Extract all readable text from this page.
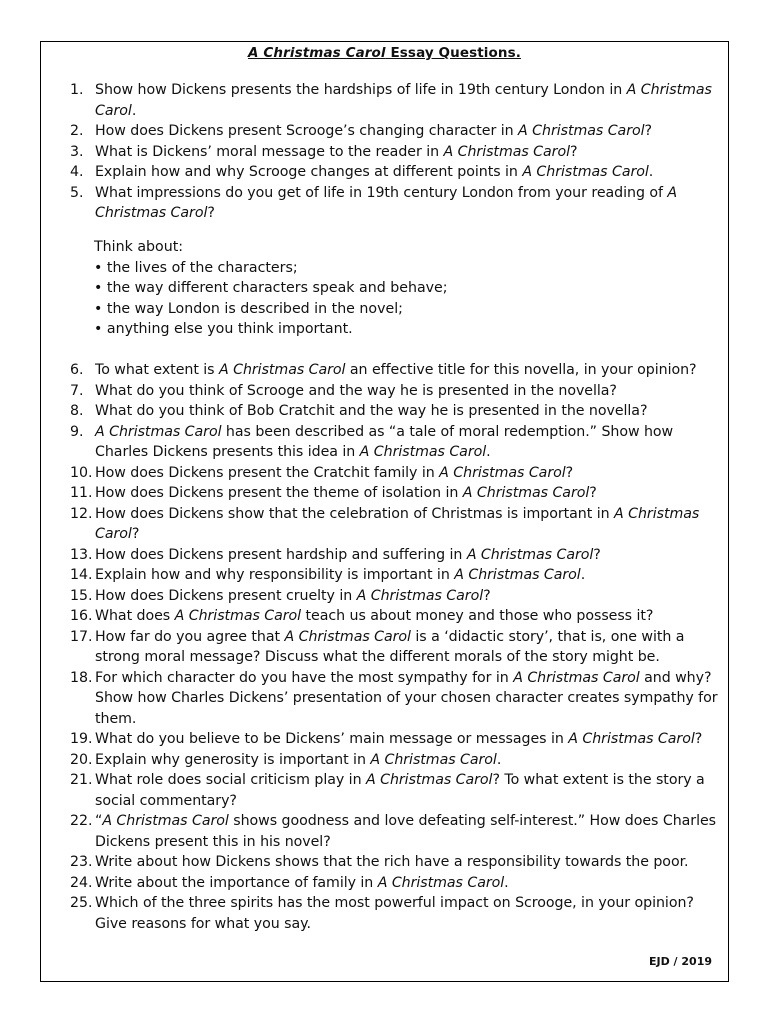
A Christmas Carol Essay Questions.
1. Show how Dickens presents the hardships of life in 19th century London in A Christmas Carol.
2. How does Dickens present Scrooge’s changing character in A Christmas Carol?
3. What is Dickens’ moral message to the reader in A Christmas Carol?
4. Explain how and why Scrooge changes at different points in A Christmas Carol.
5. What impressions do you get of life in 19th century London from your reading of A Christmas Carol?
Think about:
• the lives of the characters;
• the way different characters speak and behave;
• the way London is described in the novel;
• anything else you think important.
6. To what extent is A Christmas Carol an effective title for this novella, in your opinion?
7. What do you think of Scrooge and the way he is presented in the novella?
8. What do you think of Bob Cratchit and the way he is presented in the novella?
9. A Christmas Carol has been described as “a tale of moral redemption.” Show how Charles Dickens presents this idea in A Christmas Carol.
10. How does Dickens present the Cratchit family in A Christmas Carol?
11. How does Dickens present the theme of isolation in A Christmas Carol?
12. How does Dickens show that the celebration of Christmas is important in A Christmas Carol?
13. How does Dickens present hardship and suffering in A Christmas Carol?
14. Explain how and why responsibility is important in A Christmas Carol.
15. How does Dickens present cruelty in A Christmas Carol?
16. What does A Christmas Carol teach us about money and those who possess it?
17. How far do you agree that A Christmas Carol is a ‘didactic story’, that is, one with a strong moral message? Discuss what the different morals of the story might be.
18. For which character do you have the most sympathy for in A Christmas Carol and why? Show how Charles Dickens’ presentation of your chosen character creates sympathy for them.
19. What do you believe to be Dickens’ main message or messages in A Christmas Carol?
20. Explain why generosity is important in A Christmas Carol.
21. What role does social criticism play in A Christmas Carol? To what extent is the story a social commentary?
22. “A Christmas Carol shows goodness and love defeating self-interest.” How does Charles Dickens present this in his novel?
23. Write about how Dickens shows that the rich have a responsibility towards the poor.
24. Write about the importance of family in A Christmas Carol.
25. Which of the three spirits has the most powerful impact on Scrooge, in your opinion? Give reasons for what you say.
EJD / 2019
